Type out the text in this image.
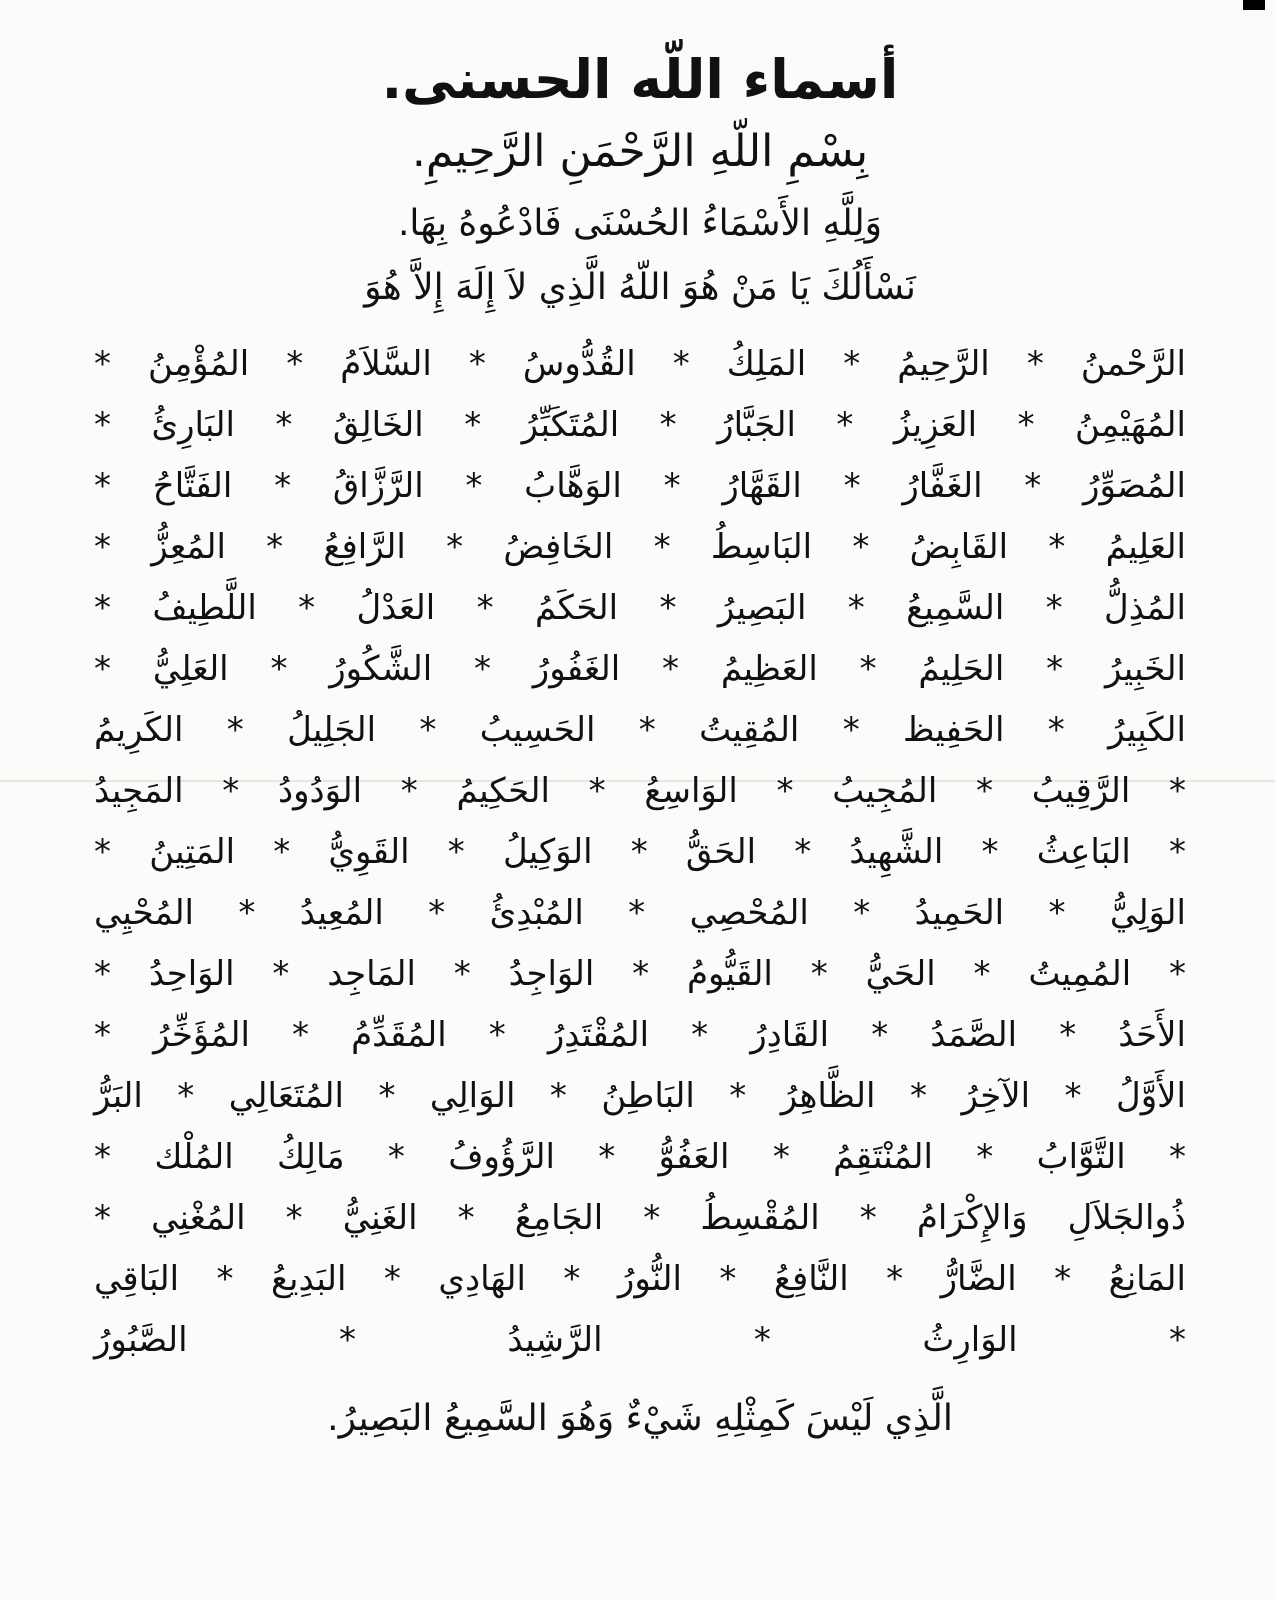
أسماء اللّه الحسنى.
بِسْمِ اللّهِ الرَّحْمَنِ الرَّحِيمِ.
وَلِلَّهِ الأَسْمَاءُ الحُسْنَى فَادْعُوهُ بِهَا.
نَسْأَلُكَ يَا مَنْ هُوَ اللّهُ الَّذِي لاَ إِلَهَ إِلاَّ هُوَ
الرَّحْمنُ * الرَّحِيمُ * المَلِكُ * القُدُّوسُ * السَّلاَمُ * المُؤْمِنُ *
المُهَيْمِنُ * العَزِيزُ * الجَبَّارُ * المُتَكَبِّرُ * الخَالِقُ * البَارِئُ *
المُصَوِّرُ * الغَفَّارُ * القَهَّارُ * الوَهَّابُ * الرَّزَّاقُ * الفَتَّاحُ *
العَلِيمُ * القَابِضُ * البَاسِطُ * الخَافِضُ * الرَّافِعُ * المُعِزُّ *
المُذِلُّ * السَّمِيعُ * البَصِيرُ * الحَكَمُ * العَدْلُ * اللَّطِيفُ *
الخَبِيرُ * الحَلِيمُ * العَظِيمُ * الغَفُورُ * الشَّكُورُ * العَلِيُّ *
الكَبِيرُ * الحَفِيظ * المُقِيتُ * الحَسِيبُ * الجَلِيلُ * الكَرِيمُ
* الرَّقِيبُ * المُجِيبُ * الوَاسِعُ * الحَكِيمُ * الوَدُودُ * المَجِيدُ
* البَاعِثُ * الشَّهِيدُ * الحَقُّ * الوَكِيلُ * القَوِيُّ * المَتِينُ *
الوَلِيُّ * الحَمِيدُ * المُحْصِي * المُبْدِئُ * المُعِيدُ * المُحْيِي
* المُمِيتُ * الحَيُّ * القَيُّومُ * الوَاجِدُ * المَاجِد * الوَاحِدُ *
الأَحَدُ * الصَّمَدُ * القَادِرُ * المُقْتَدِرُ * المُقَدِّمُ * المُؤَخِّرُ *
الأَوَّلُ * الآخِرُ * الظَّاهِرُ * البَاطِنُ * الوَالِي * المُتَعَالِي * البَرُّ
* التَّوَّابُ * المُنْتَقِمُ * العَفُوُّ * الرَّؤُوفُ * مَالِكُ المُلْك *
ذُوالجَلاَلِ وَالإِكْرَامُ * المُقْسِطُ * الجَامِعُ * الغَنِيُّ * المُغْنِي *
المَانِعُ * الضَّارُّ * النَّافِعُ * النُّورُ * الهَادِي * البَدِيعُ * البَاقِي
* الوَارِثُ * الرَّشِيدُ * الصَّبُورُ
الَّذِي لَيْسَ كَمِثْلِهِ شَيْءٌ وَهُوَ السَّمِيعُ البَصِيرُ.
